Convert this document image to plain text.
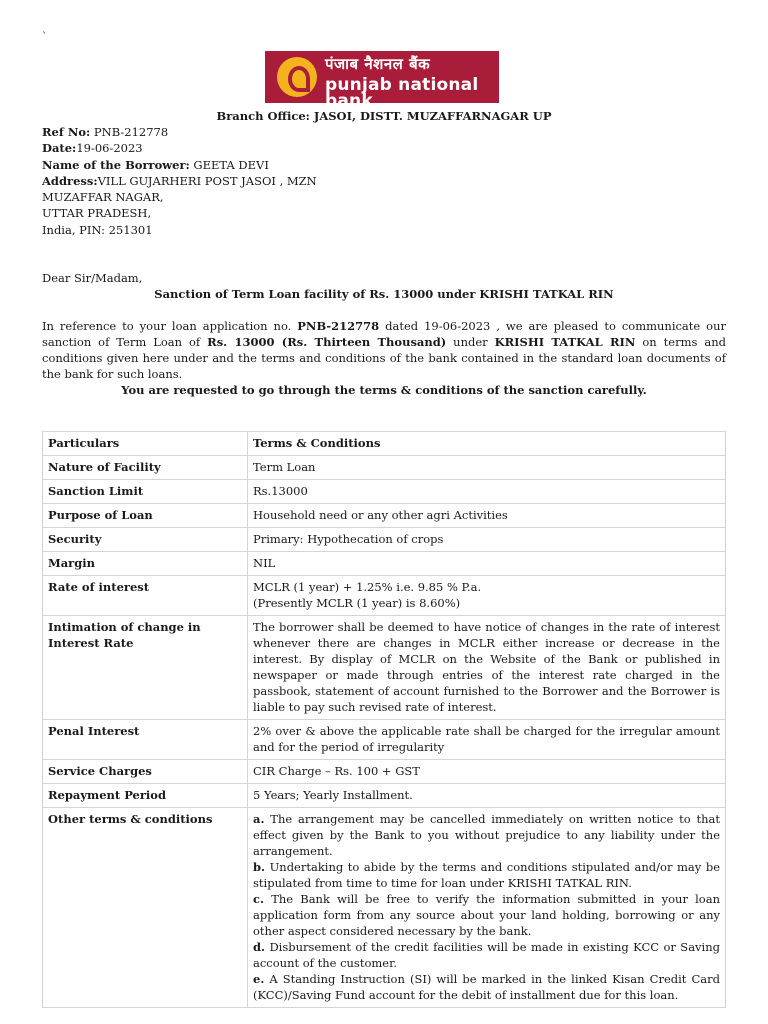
`
पंजाब नैशनल बैंक
punjab national bank
Branch Office: JASOI, DISTT. MUZAFFARNAGAR UP
Ref No: PNB-212778
Date:19-06-2023
Name of the Borrower: GEETA DEVI
Address:VILL GUJARHERI POST JASOI , MZN
MUZAFFAR NAGAR,
UTTAR PRADESH,
India, PIN: 251301
Dear Sir/Madam,
Sanction of Term Loan facility of Rs. 13000 under KRISHI TATKAL RIN
In reference to your loan application no. PNB-212778 dated 19-06-2023 , we are pleased to communicate our sanction of Term Loan of Rs. 13000 (Rs. Thirteen Thousand) under KRISHI TATKAL RIN on terms and conditions given here under and the terms and conditions of the bank contained in the standard loan documents of the bank for such loans.
You are requested to go through the terms & conditions of the sanction carefully.
Particulars	Terms & Conditions
Nature of Facility	Term Loan
Sanction Limit	Rs.13000
Purpose of Loan	Household need or any other agri Activities
Security	Primary: Hypothecation of crops
Margin	NIL
Rate of interest	MCLR (1 year) + 1.25% i.e. 9.85 % P.a.
(Presently MCLR (1 year) is 8.60%)

Intimation of change in Interest Rate	The borrower shall be deemed to have notice of changes in the rate of interest whenever there are changes in MCLR either increase or decrease in the interest. By display of MCLR on the Website of the Bank or published in newspaper or made through entries of the interest rate charged in the passbook, statement of account furnished to the Borrower and the Borrower is liable to pay such revised rate of interest.
Penal Interest	2% over & above the applicable rate shall be charged for the irregular amount and for the period of irregularity
Service Charges	CIR Charge – Rs. 100 + GST
Repayment Period	5 Years; Yearly Installment.
Other terms & conditions	a. The arrangement may be cancelled immediately on written notice to that effect given by the Bank to you without prejudice to any liability under the arrangement.
b. Undertaking to abide by the terms and conditions stipulated and/or may be stipulated from time to time for loan under KRISHI TATKAL RIN.
c. The Bank will be free to verify the information submitted in your loan application form from any source about your land holding, borrowing or any other aspect considered necessary by the bank.
d. Disbursement of the credit facilities will be made in existing KCC or Saving account of the customer.
e. A Standing Instruction (SI) will be marked in the linked Kisan Credit Card (KCC)/Saving Fund account for the debit of installment due for this loan.
